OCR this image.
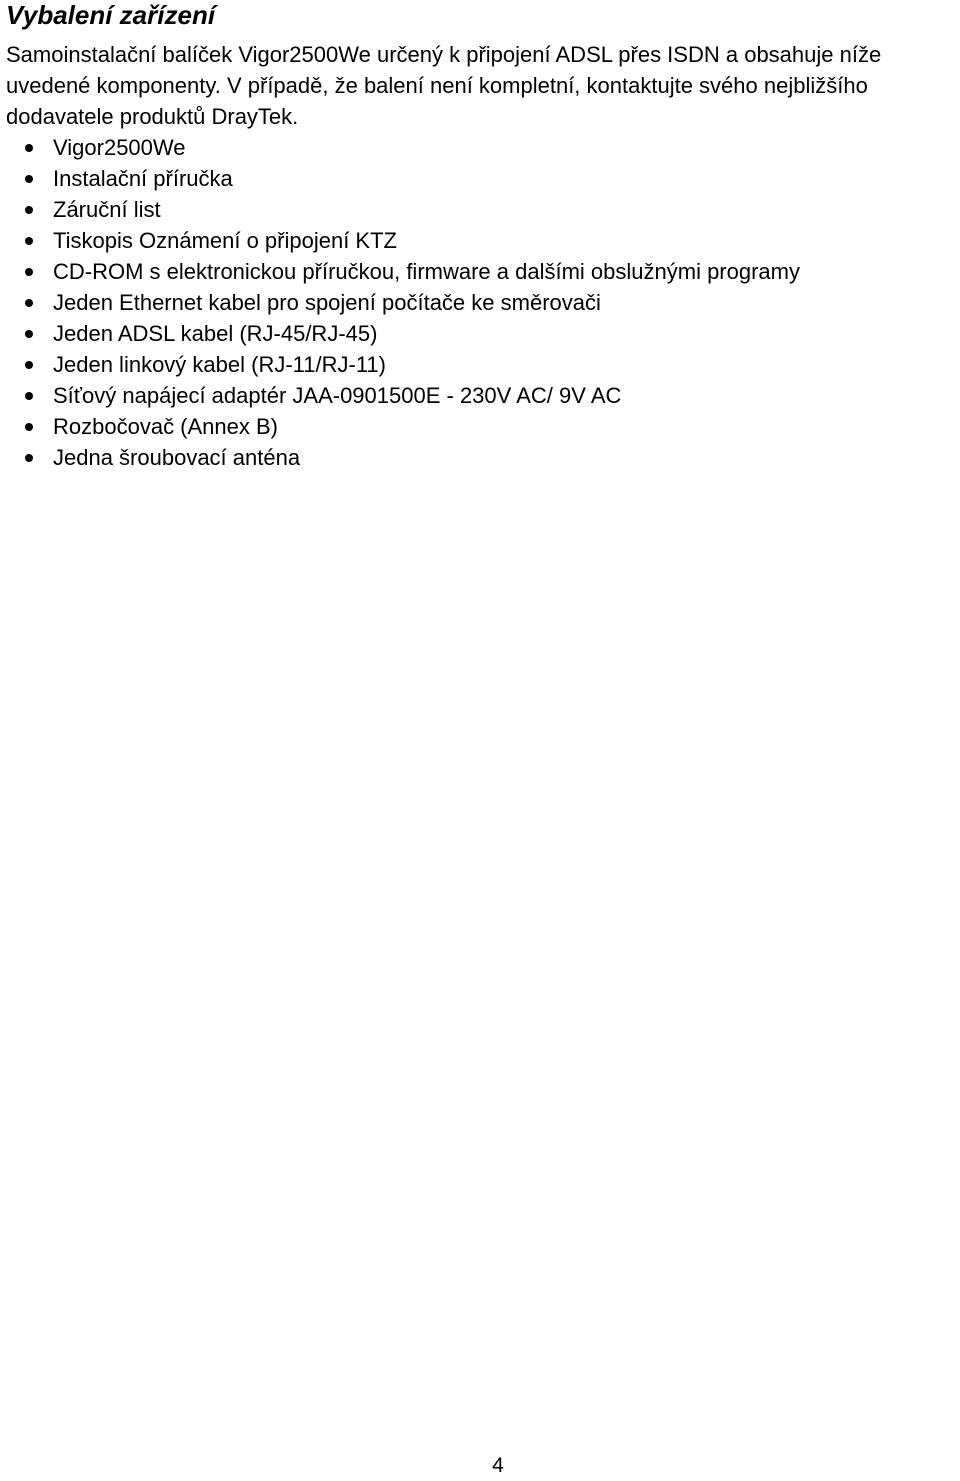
Vybalení zařízení

Samoinstalační balíček Vigor2500We určený k připojení ADSL přes ISDN a obsahuje níže uvedené komponenty. V případě, že balení není kompletní, kontaktujte svého nejbližšího dodavatele produktů DrayTek.

Vigor2500We
Instalační příručka
Záruční list
Tiskopis Oznámení o připojení KTZ
CD-ROM s elektronickou příručkou, firmware a dalšími obslužnými programy
Jeden Ethernet kabel pro spojení počítače ke směrovači
Jeden ADSL kabel (RJ-45/RJ-45)
Jeden linkový kabel (RJ-11/RJ-11)
Síťový napájecí adaptér JAA-0901500E - 230V AC/ 9V AC
Rozbočovač (Annex B)
Jedna šroubovací anténa
4
